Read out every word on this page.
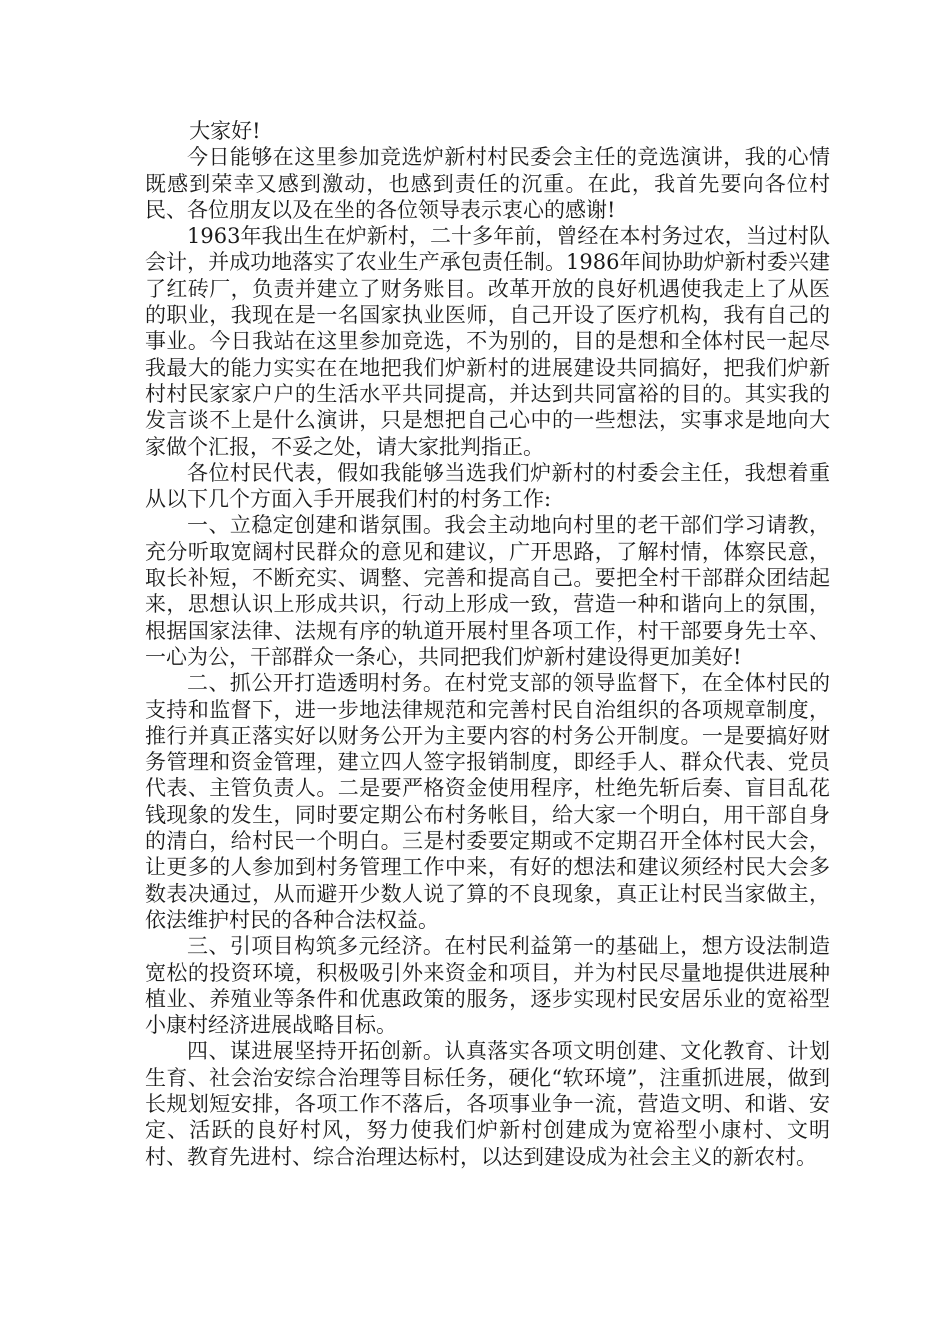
大家好!

今日能够在这里参加竞选炉新村村民委会主任的竞选演讲，我的心情既感到荣幸又感到激动，也感到责任的沉重。在此，我首先要向各位村民、各位朋友以及在坐的各位领导表示衷心的感谢!

1963年我出生在炉新村，二十多年前，曾经在本村务过农，当过村队会计，并成功地落实了农业生产承包责任制。1986年间协助炉新村委兴建了红砖厂，负责并建立了财务账目。改革开放的良好机遇使我走上了从医的职业，我现在是一名国家执业医师，自己开设了医疗机构，我有自己的事业。今日我站在这里参加竞选，不为别的，目的是想和全体村民一起尽我最大的能力实实在在地把我们炉新村的进展建设共同搞好，把我们炉新村村民家家户户的生活水平共同提高，并达到共同富裕的目的。其实我的发言谈不上是什么演讲，只是想把自己心中的一些想法，实事求是地向大家做个汇报，不妥之处，请大家批判指正。

各位村民代表，假如我能够当选我们炉新村的村委会主任，我想着重从以下几个方面入手开展我们村的村务工作:

一、立稳定创建和谐氛围。我会主动地向村里的老干部们学习请教，充分听取宽阔村民群众的意见和建议，广开思路，了解村情，体察民意，取长补短，不断充实、调整、完善和提高自己。要把全村干部群众团结起来，思想认识上形成共识，行动上形成一致，营造一种和谐向上的氛围，根据国家法律、法规有序的轨道开展村里各项工作，村干部要身先士卒、一心为公，干部群众一条心，共同把我们炉新村建设得更加美好!

二、抓公开打造透明村务。在村党支部的领导监督下，在全体村民的支持和监督下，进一步地法律规范和完善村民自治组织的各项规章制度，推行并真正落实好以财务公开为主要内容的村务公开制度。一是要搞好财务管理和资金管理，建立四人签字报销制度，即经手人、群众代表、党员代表、主管负责人。二是要严格资金使用程序，杜绝先斩后奏、盲目乱花钱现象的发生，同时要定期公布村务帐目，给大家一个明白，用干部自身的清白，给村民一个明白。三是村委要定期或不定期召开全体村民大会，让更多的人参加到村务管理工作中来，有好的想法和建议须经村民大会多数表决通过，从而避开少数人说了算的不良现象，真正让村民当家做主，依法维护村民的各种合法权益。

三、引项目构筑多元经济。在村民利益第一的基础上，想方设法制造宽松的投资环境，积极吸引外来资金和项目，并为村民尽量地提供进展种植业、养殖业等条件和优惠政策的服务，逐步实现村民安居乐业的宽裕型小康村经济进展战略目标。

四、谋进展坚持开拓创新。认真落实各项文明创建、文化教育、计划生育、社会治安综合治理等目标任务，硬化“软环境”，注重抓进展，做到长规划短安排，各项工作不落后，各项事业争一流，营造文明、和谐、安定、活跃的良好村风，努力使我们炉新村创建成为宽裕型小康村、文明村、教育先进村、综合治理达标村，以达到建设成为社会主义的新农村。
